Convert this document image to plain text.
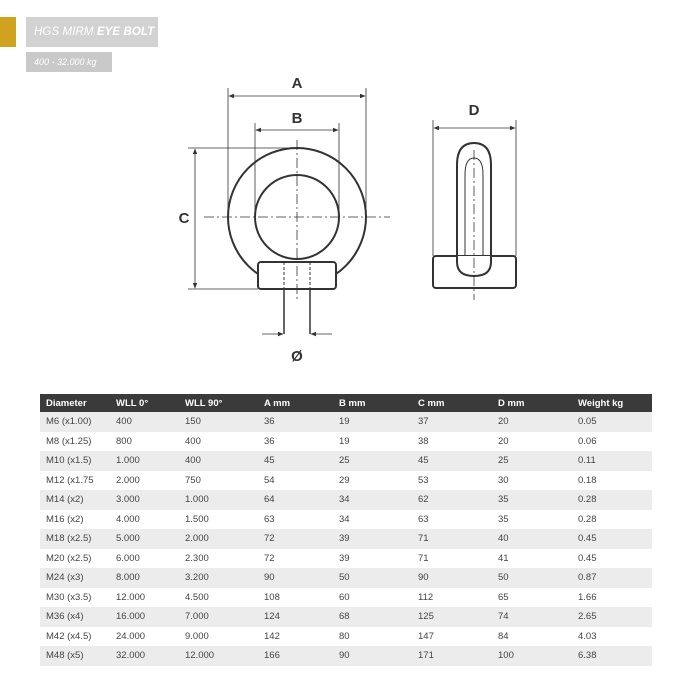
HGS MIRM EYE BOLT
400 - 32.000 kg
A
B
C
Ø
D
Diameter	WLL 0°	WLL 90°	A mm	B mm	C mm	D mm	Weight kg
M6 (x1.00)	400	150	36	19	37	20	0.05
M8 (x1.25)	800	400	36	19	38	20	0.06
M10 (x1.5)	1.000	400	45	25	45	25	0.11
M12 (x1.75	2.000	750	54	29	53	30	0.18
M14 (x2)	3.000	1.000	64	34	62	35	0.28
M16 (x2)	4.000	1.500	63	34	63	35	0.28
M18 (x2.5)	5.000	2.000	72	39	71	40	0.45
M20 (x2.5)	6.000	2.300	72	39	71	41	0.45
M24 (x3)	8.000	3.200	90	50	90	50	0.87
M30 (x3.5)	12.000	4.500	108	60	112	65	1.66
M36 (x4)	16.000	7.000	124	68	125	74	2.65
M42 (x4.5)	24.000	9.000	142	80	147	84	4.03
M48 (x5)	32.000	12.000	166	90	171	100	6.38
